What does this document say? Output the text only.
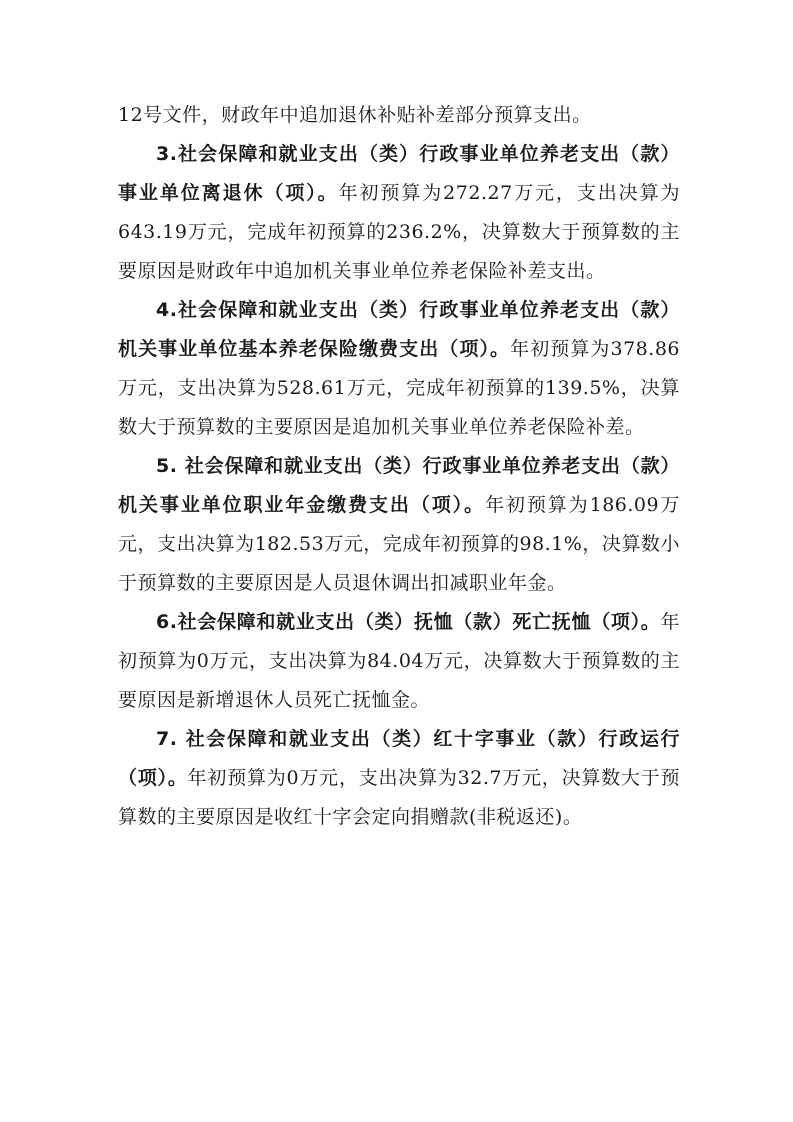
12号文件，财政年中追加退休补贴补差部分预算支出。

3.社会保障和就业支出（类）行政事业单位养老支出（款）事业单位离退休（项）。年初预算为272.27万元，支出决算为643.19万元，完成年初预算的236.2%，决算数大于预算数的主要原因是财政年中追加机关事业单位养老保险补差支出。

4.社会保障和就业支出（类）行政事业单位养老支出（款）机关事业单位基本养老保险缴费支出（项）。年初预算为378.86万元，支出决算为528.61万元，完成年初预算的139.5%，决算数大于预算数的主要原因是追加机关事业单位养老保险补差。

5. 社会保障和就业支出（类）行政事业单位养老支出（款）机关事业单位职业年金缴费支出（项）。年初预算为186.09万元，支出决算为182.53万元，完成年初预算的98.1%，决算数小于预算数的主要原因是人员退休调出扣减职业年金。

6.社会保障和就业支出（类）抚恤（款）死亡抚恤（项）。年初预算为0万元，支出决算为84.04万元，决算数大于预算数的主要原因是新增退休人员死亡抚恤金。

7. 社会保障和就业支出（类）红十字事业（款）行政运行（项）。年初预算为0万元，支出决算为32.7万元，决算数大于预算数的主要原因是收红十字会定向捐赠款(非税返还)。
